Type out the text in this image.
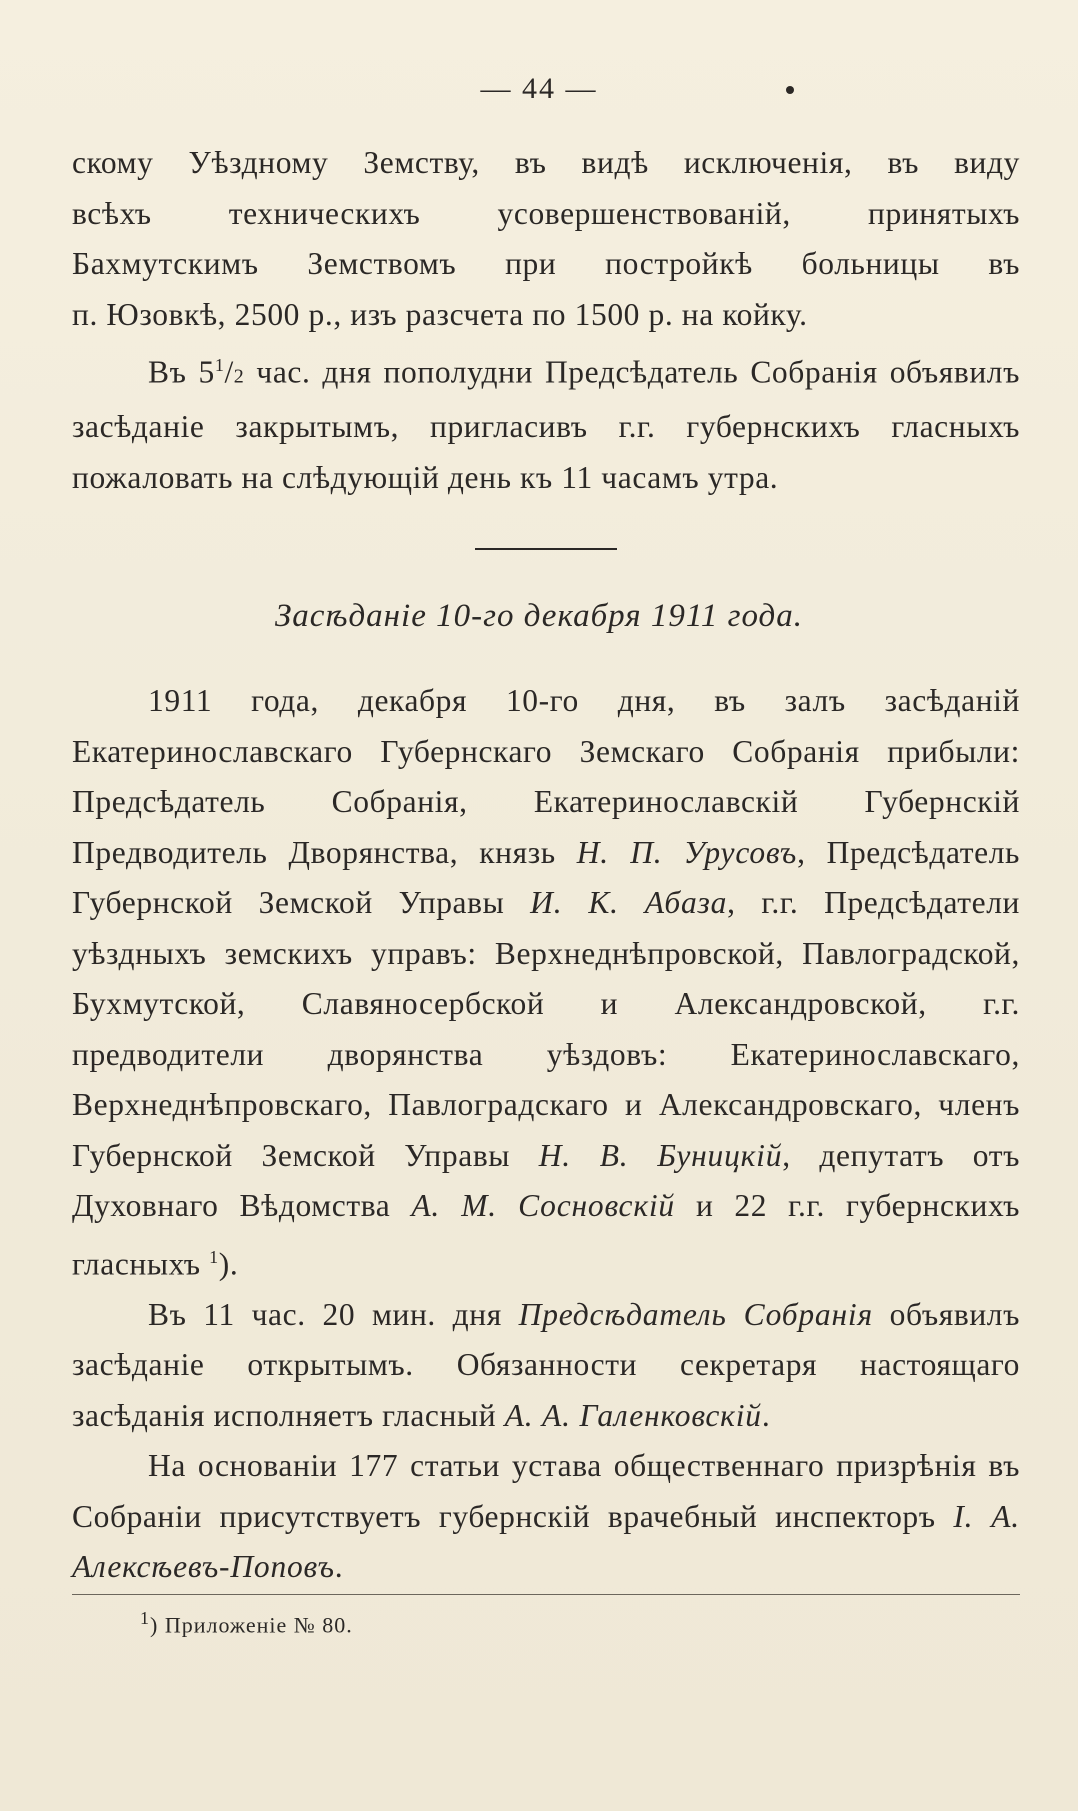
— 44 —

скому Уѣздному Земству, въ видѣ исключенія, въ виду

всѣхъ техническихъ усовершенствованій, принятыхъ

Бахмутскимъ Земствомъ при постройкѣ больницы въ

п. Юзовкѣ, 2500 р., изъ разсчета по 1500 р. на койку.

Въ $5^1/2$ час. дня пополудни Предсѣдатель Собранія объявилъ засѣданіе закрытымъ, пригласивъ г.г. губернскихъ гласныхъ пожаловать на слѣдующій день къ 11 часамъ утра.

Засѣданіе 10-го декабря 1911 года.

1911 года, декабря 10-го дня, въ залъ засѣданій Екатеринославскаго Губернскаго Земскаго Собранія прибыли: Предсѣдатель Собранія, Екатеринославскій Губернскій Предводитель Дворянства, князь Н. П. Урусовъ, Предсѣдатель Губернской Земской Управы И. К. Абаза, г.г. Предсѣдатели уѣздныхъ земскихъ управъ: Верхнеднѣпровской, Павлоградской, Бухмутской, Славяносербской и Александровской, г.г. предводители дворянства уѣздовъ: Екатеринославскаго, Верхнеднѣпровскаго, Павлоградскаго и Александровскаго, членъ Губернской Земской Управы Н. В. Буницкій, депутатъ отъ Духовнаго Вѣдомства А. М. Сосновскій и 22 г.г. губернскихъ гласныхъ $^1$).

Въ 11 час. 20 мин. дня Предсѣдатель Собранія объявилъ засѣданіе открытымъ. Обязанности секретаря настоящаго засѣданія исполняетъ гласный А. А. Галенковскій.

На основаніи 177 статьи устава общественнаго призрѣнія въ Собраніи присутствуетъ губернскій врачебный инспекторъ I. А. Алексѣевъ-Поповъ.

$^1$) Приложеніе № 80.
